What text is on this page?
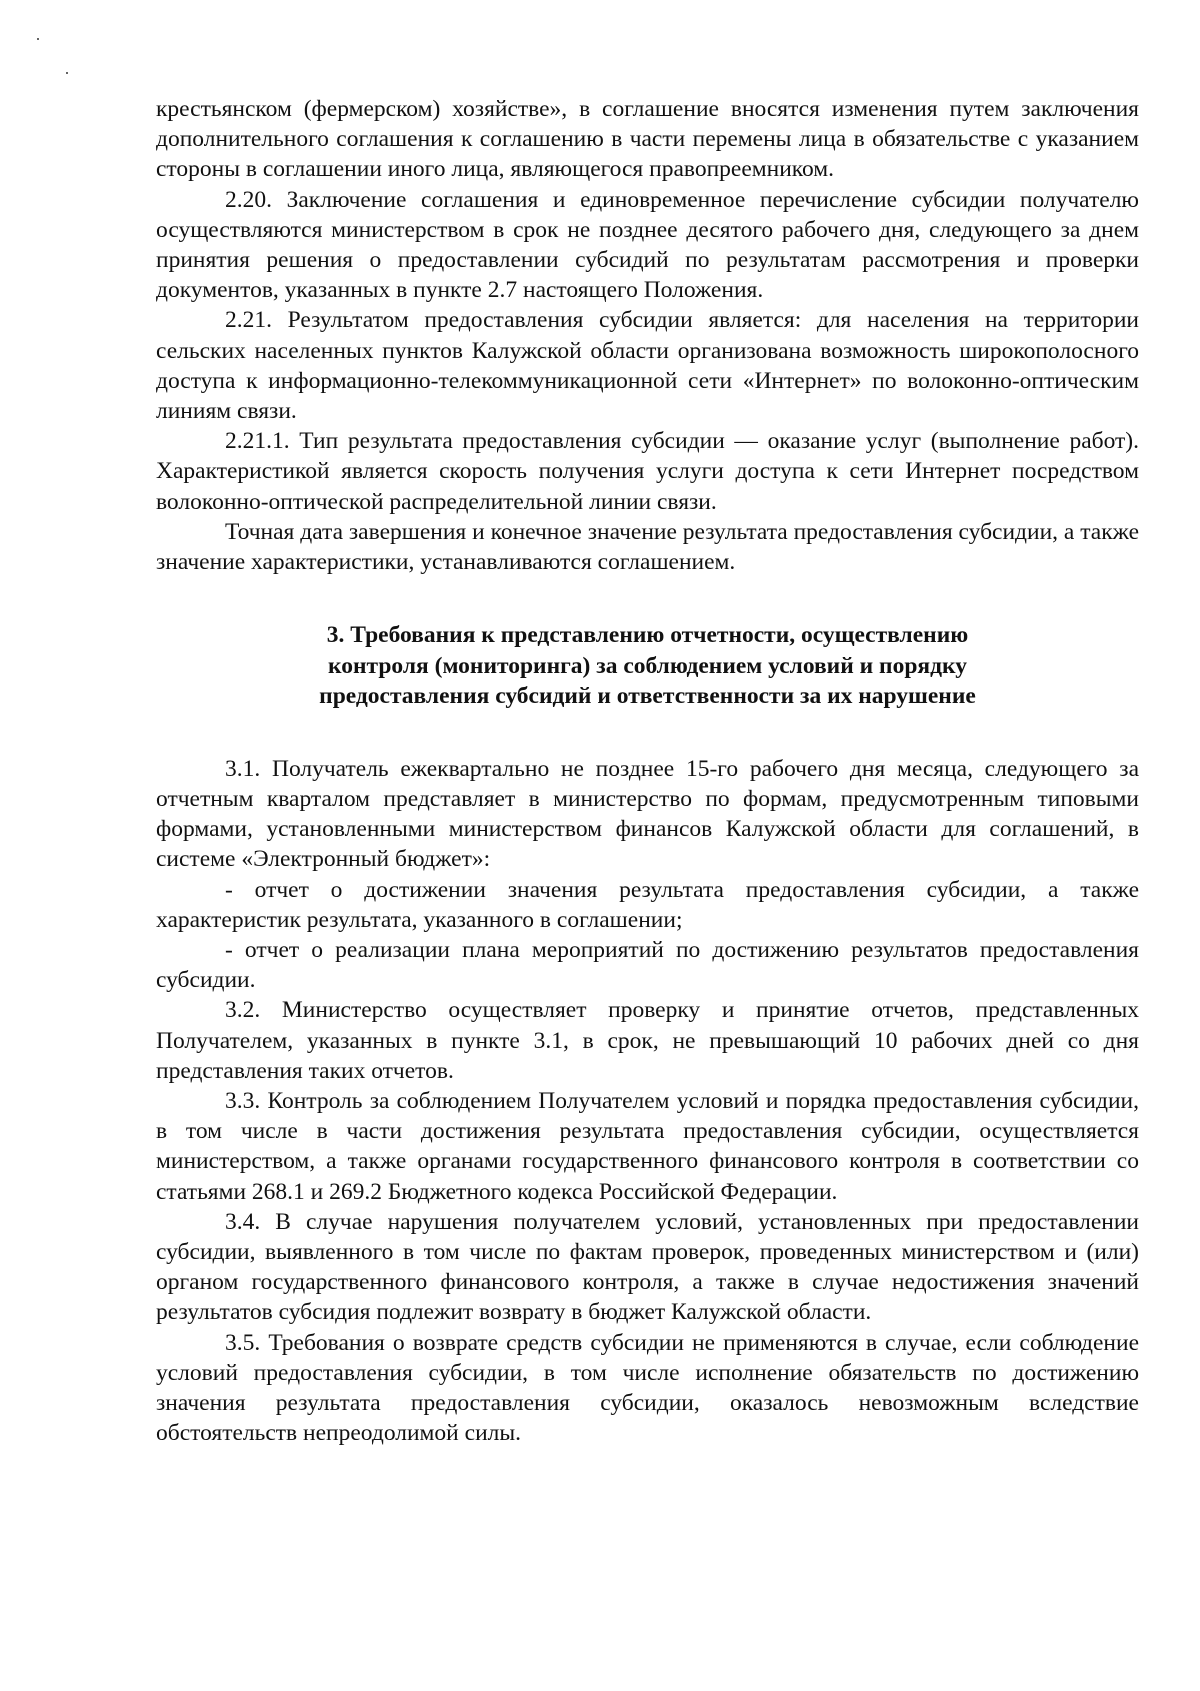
крестьянском (фермерском) хозяйстве», в соглашение вносятся изменения путем заключения дополнительного соглашения к соглашению в части перемены лица в обязательстве с указанием стороны в соглашении иного лица, являющегося правопреемником.

2.20. Заключение соглашения и единовременное перечисление субсидии получателю осуществляются министерством в срок не позднее десятого рабочего дня, следующего за днем принятия решения о предоставлении субсидий по результатам рассмотрения и проверки документов, указанных в пункте 2.7 настоящего Положения.

2.21. Результатом предоставления субсидии является: для населения на территории сельских населенных пунктов Калужской области организована возможность широкополосного доступа к информационно-телекоммуникационной сети «Интернет» по волоконно-оптическим линиям связи.

2.21.1. Тип результата предоставления субсидии — оказание услуг (выполнение работ). Характеристикой является скорость получения услуги доступа к сети Интернет посредством волоконно-оптической распределительной линии связи.

Точная дата завершения и конечное значение результата предоставления субсидии, а также значение характеристики, устанавливаются соглашением.

3. Требования к представлению отчетности, осуществлению
контроля (мониторинга) за соблюдением условий и порядку
предоставления субсидий и ответственности за их нарушение

3.1. Получатель ежеквартально не позднее 15-го рабочего дня месяца, следующего за отчетным кварталом представляет в министерство по формам, предусмотренным типовыми формами, установленными министерством финансов Калужской области для соглашений, в системе «Электронный бюджет»:

- отчет о достижении значения результата предоставления субсидии, а также характеристик результата, указанного в соглашении;

- отчет о реализации плана мероприятий по достижению результатов предоставления субсидии.

3.2. Министерство осуществляет проверку и принятие отчетов, представленных Получателем, указанных в пункте 3.1, в срок, не превышающий 10 рабочих дней со дня представления таких отчетов.

3.3. Контроль за соблюдением Получателем условий и порядка предоставления субсидии, в том числе в части достижения результата предоставления субсидии, осуществляется министерством, а также органами государственного финансового контроля в соответствии со статьями 268.1 и 269.2 Бюджетного кодекса Российской Федерации.

3.4. В случае нарушения получателем условий, установленных при предоставлении субсидии, выявленного в том числе по фактам проверок, проведенных министерством и (или) органом государственного финансового контроля, а также в случае недостижения значений результатов субсидия подлежит возврату в бюджет Калужской области.

3.5. Требования о возврате средств субсидии не применяются в случае, если соблюдение условий предоставления субсидии, в том числе исполнение обязательств по достижению значения результата предоставления субсидии, оказалось невозможным вследствие обстоятельств непреодолимой силы.
